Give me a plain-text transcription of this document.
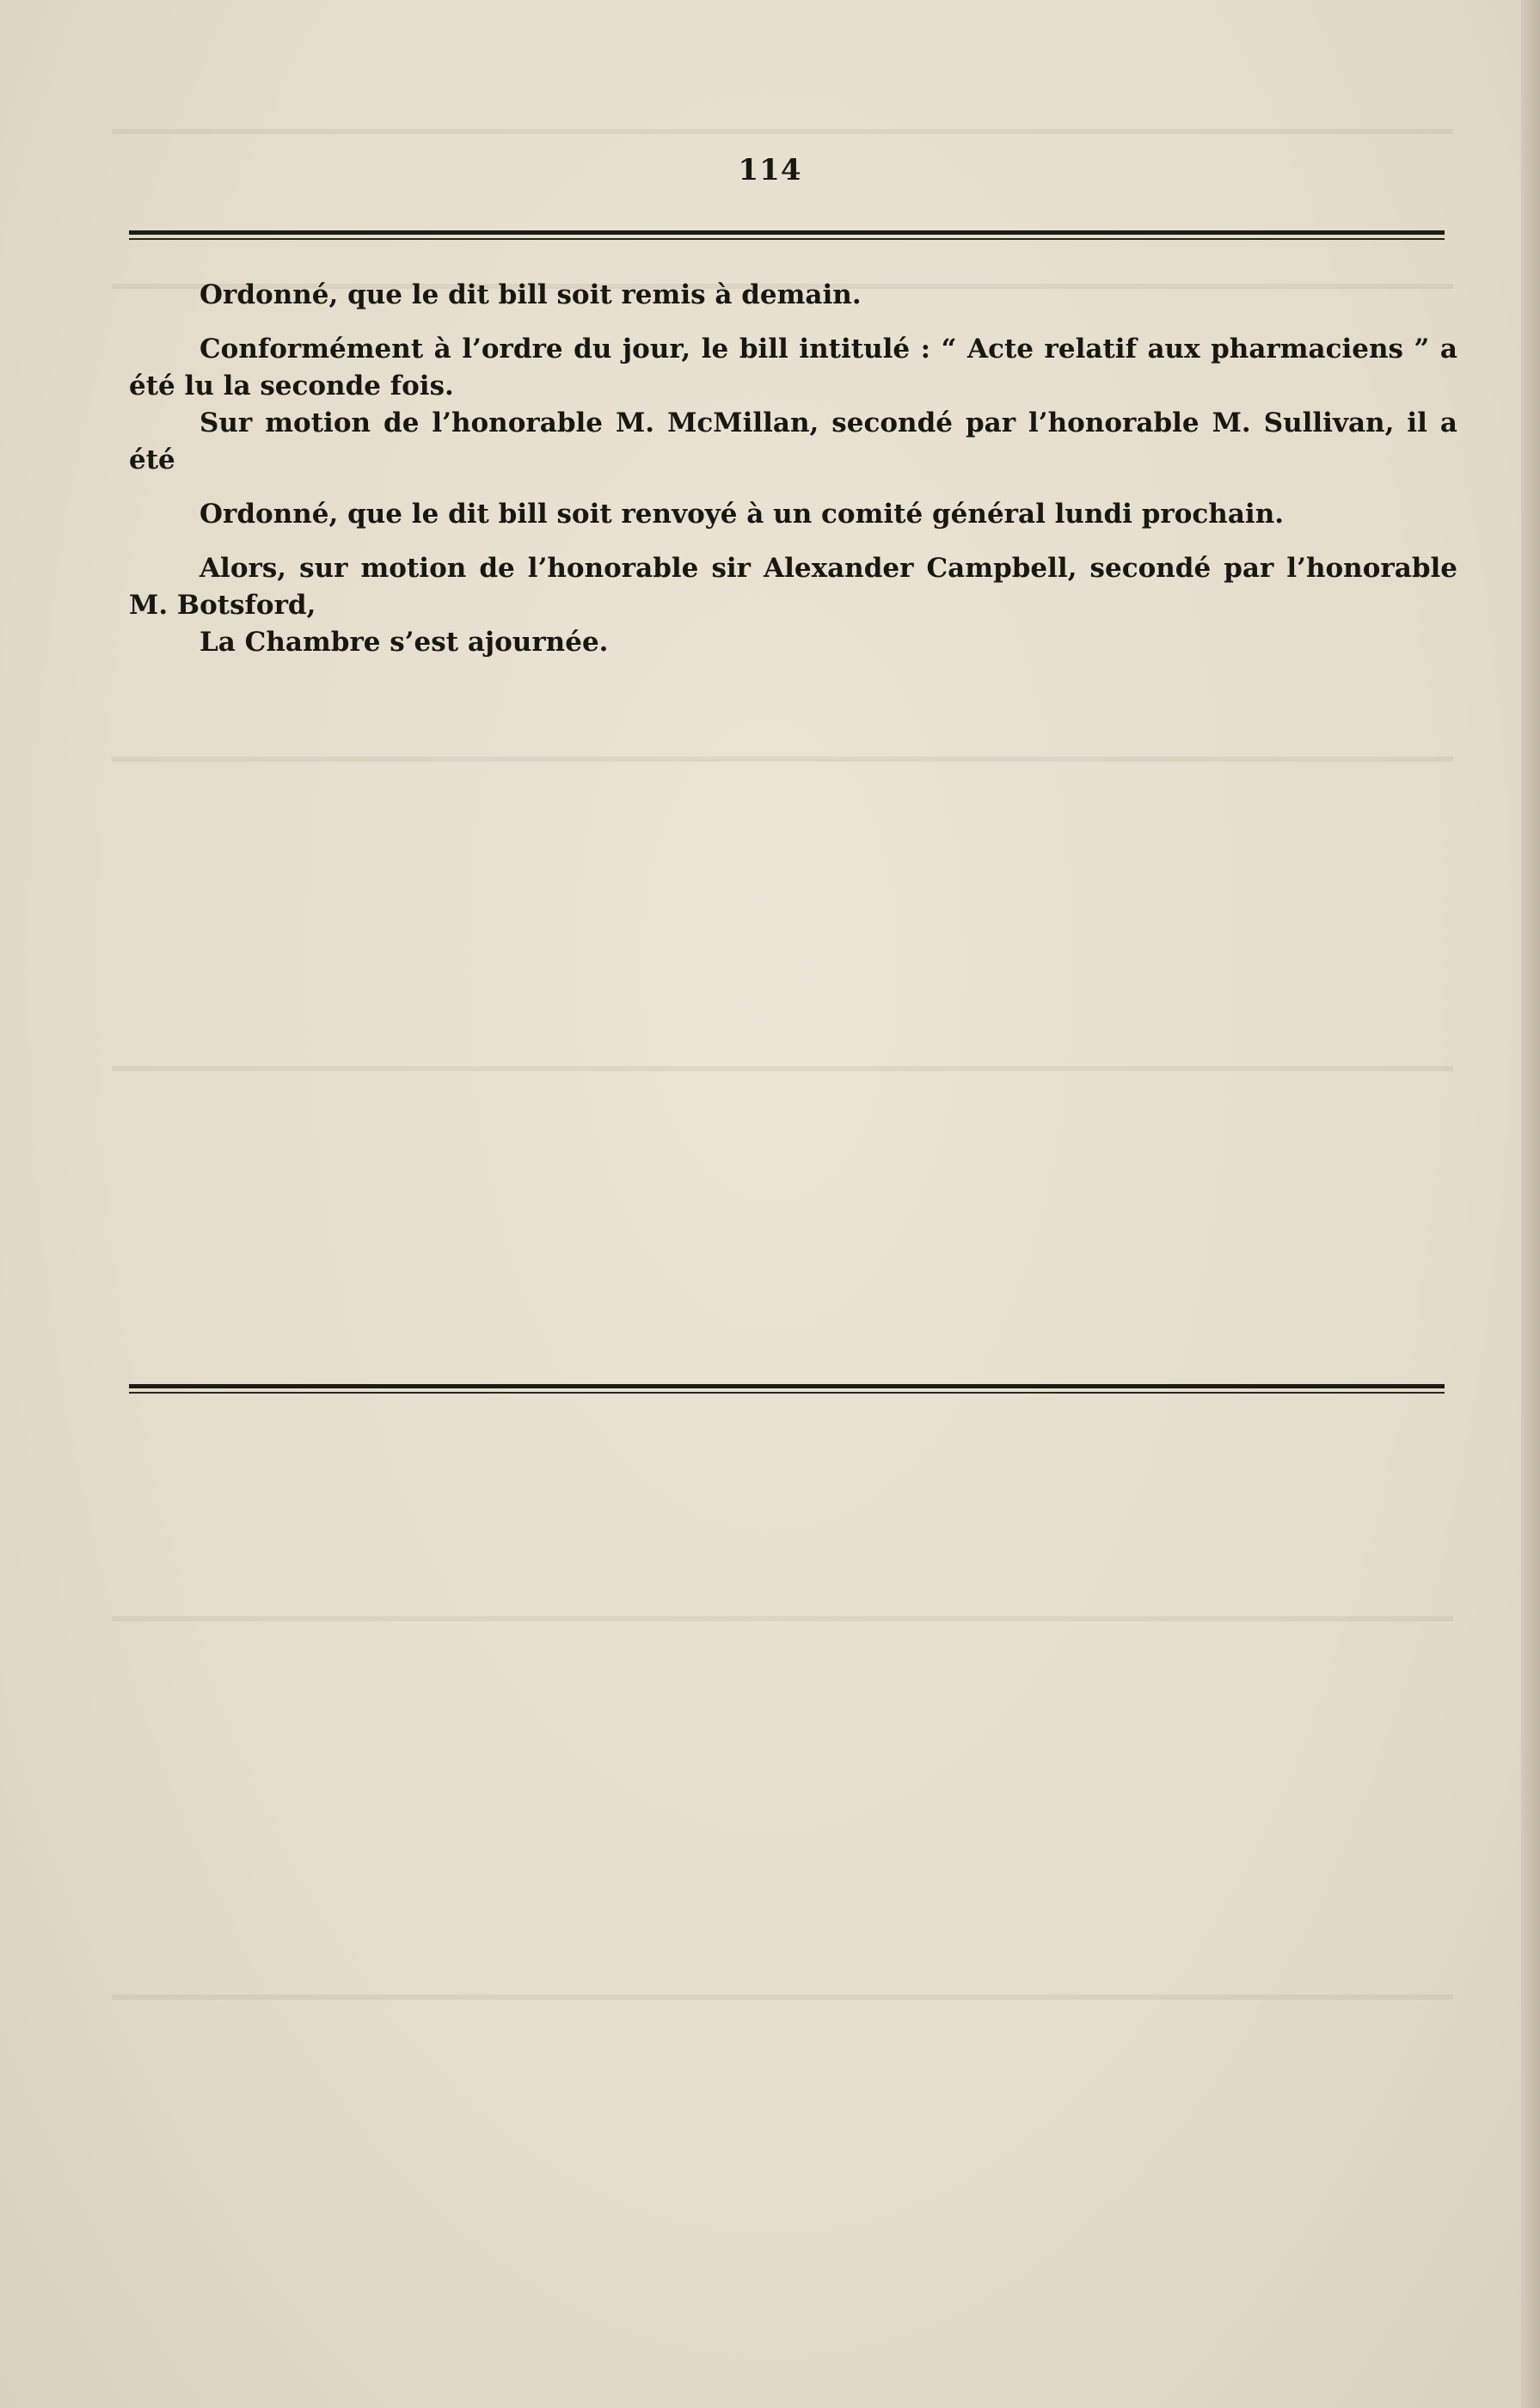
114

Ordonné, que le dit bill soit remis à demain.

Conformément à l’ordre du jour, le bill intitulé : “ Acte relatif aux pharmaciens ” a été lu la seconde fois.

Sur motion de l’honorable M. McMillan, secondé par l’honorable M. Sullivan, il a été

Ordonné, que le dit bill soit renvoyé à un comité général lundi prochain.

Alors, sur motion de l’honorable sir Alexander Campbell, secondé par l’honorable M. Botsford,

La Chambre s’est ajournée.
